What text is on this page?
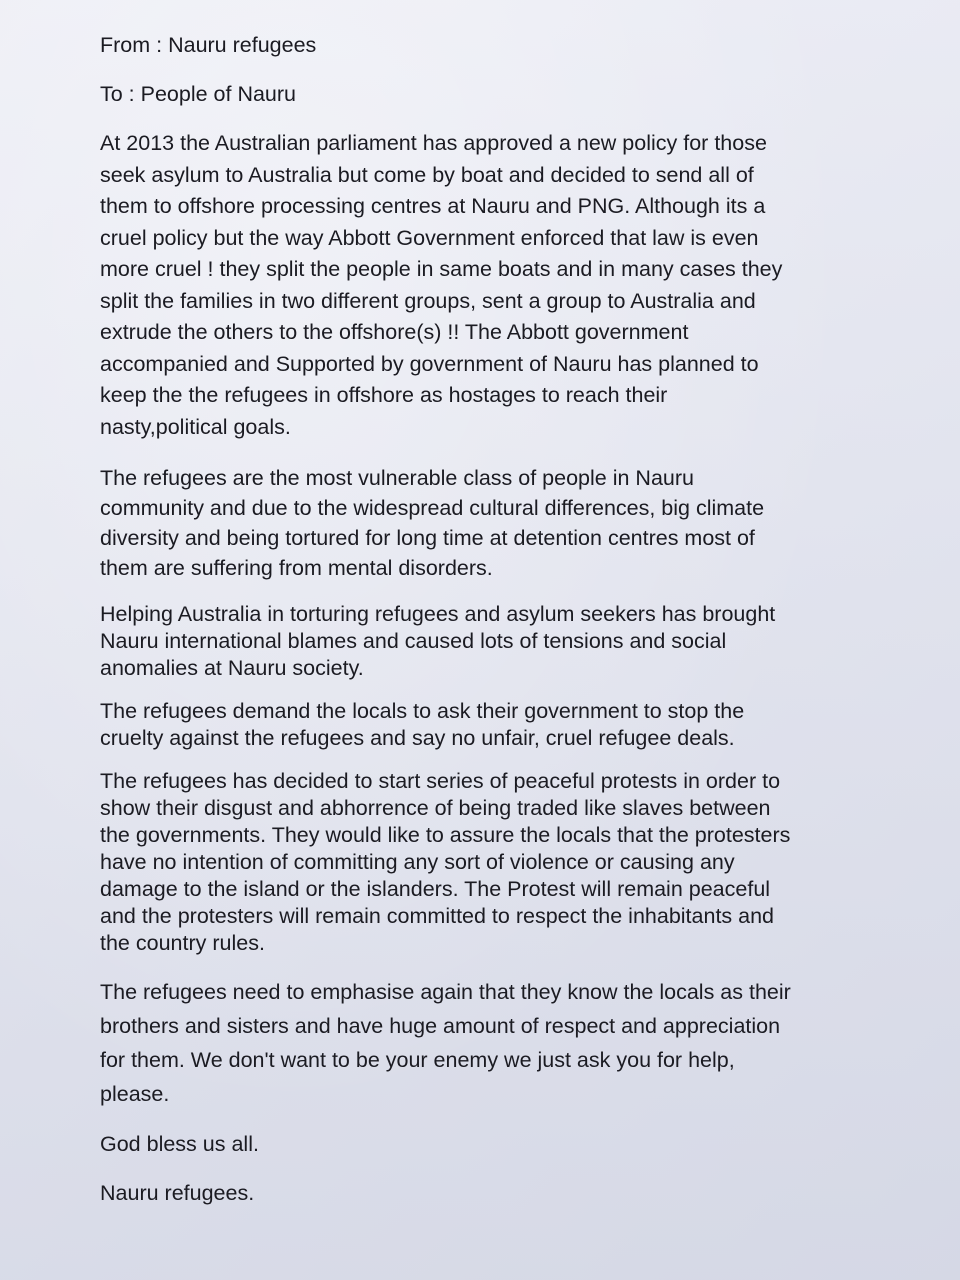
From : Nauru refugees

To : People of Nauru

At 2013 the Australian parliament has approved a new policy for those

seek asylum to Australia but come by boat and decided to send all of

them to offshore processing centres at Nauru and PNG. Although its a

cruel policy but the way Abbott Government enforced that law is even

more cruel ! they split the people in same boats and in many cases they

split the families in two different groups, sent a group to Australia and

extrude the others to the offshore(s) !! The Abbott government

accompanied and Supported by government of Nauru has planned to

keep the the refugees in offshore as hostages to reach their

nasty,political goals.

The refugees are the most vulnerable class of people in Nauru

community and due to the widespread cultural differences, big climate

diversity and being tortured for long time at detention centres most of

them are suffering from mental disorders.

Helping Australia in torturing refugees and asylum seekers has brought

Nauru international blames and caused lots of tensions and social

anomalies at Nauru society.

The refugees demand the locals to ask their government to stop the

cruelty against the refugees and say no unfair, cruel refugee deals.

The refugees has decided to start series of peaceful protests in order to

show their disgust and abhorrence of being traded like slaves between

the governments. They would like to assure the locals that the protesters

have no intention of committing any sort of violence or causing any

damage to the island or the islanders. The Protest will remain peaceful

and the protesters will remain committed to respect the inhabitants and

the country rules.

The refugees need to emphasise again that they know the locals as their

brothers and sisters and have huge amount of respect and appreciation

for them. We don't want to be your enemy we just ask you for help,

please.

God bless us all.

Nauru refugees.
